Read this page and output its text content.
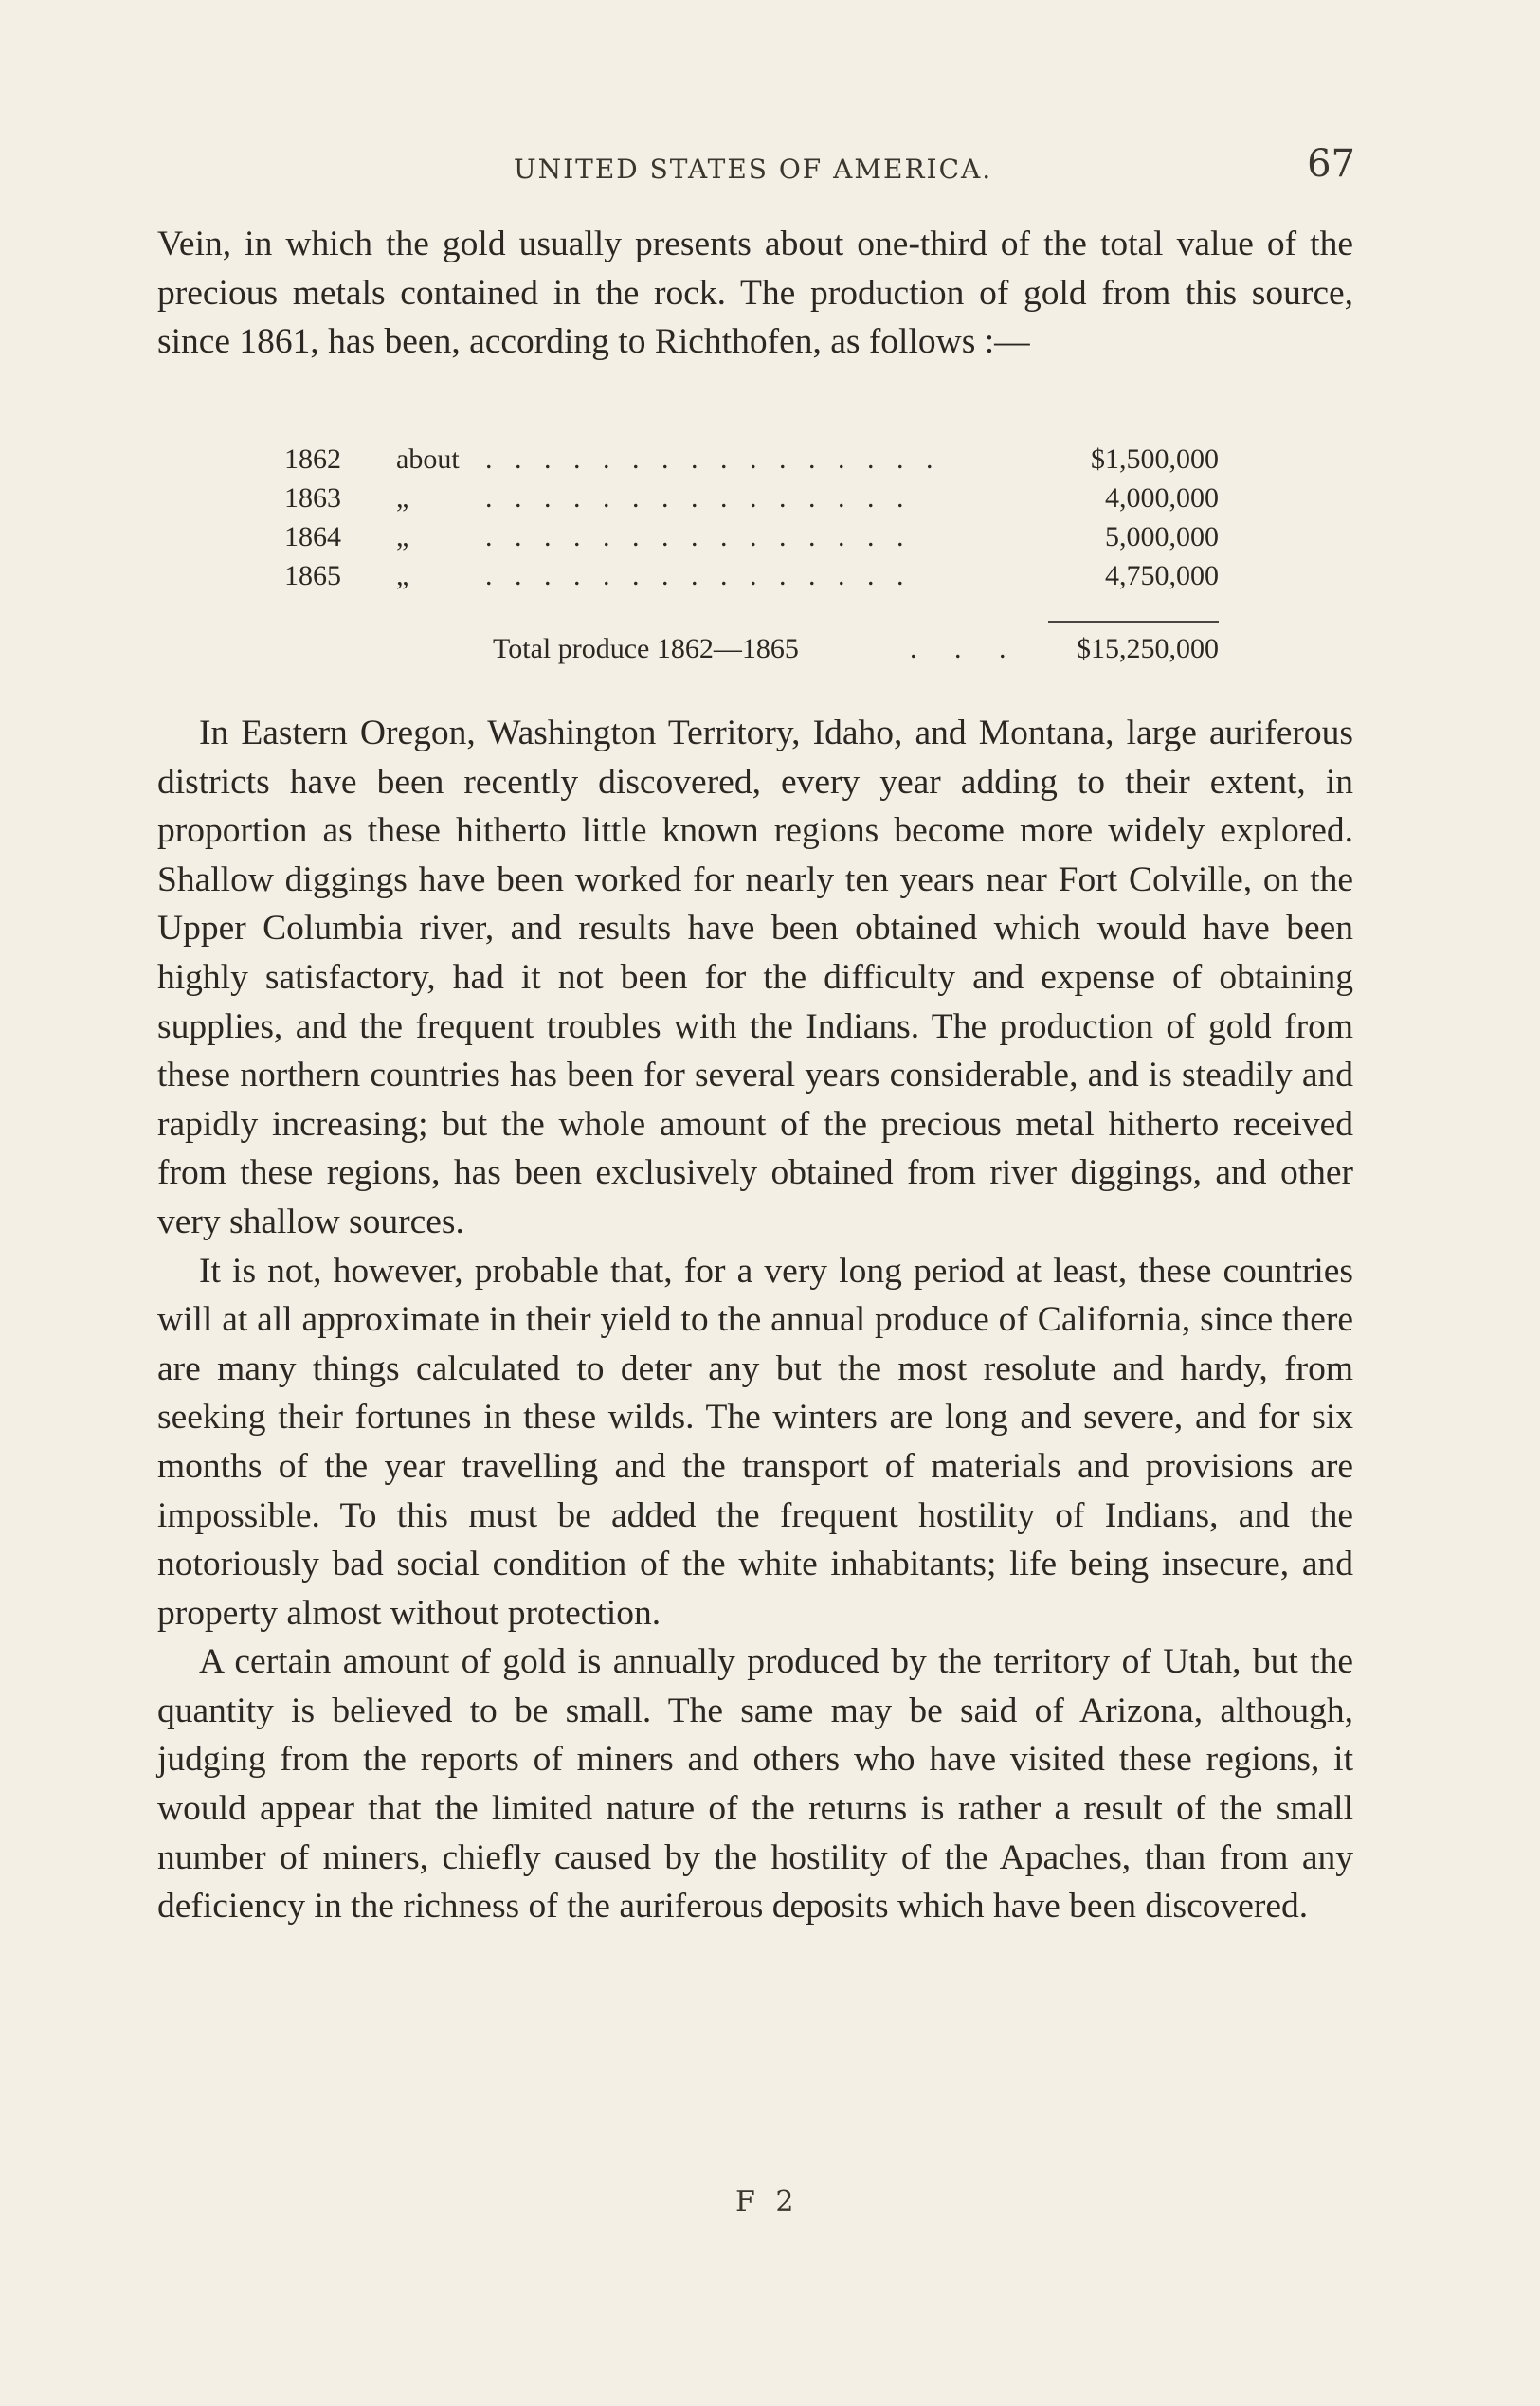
UNITED STATES OF AMERICA.	67

Vein, in which the gold usually presents about one-third of the total value of the precious metals contained in the rock. The production of gold from this source, since 1861, has been, according to Richthofen, as follows :—

1862 about . . . . . . . . . . . . . . . .	$1,500,000
1863 „	. . . . . . . . . . . . . . .	4,000,000
1864 „	. . . . . . . . . . . . . . .	5,000,000
1865 „	. . . . . . . . . . . . . . .	4,750,000
Total produce 1862—1865	. . . $15,250,000

In Eastern Oregon, Washington Territory, Idaho, and Montana, large auriferous districts have been recently discovered, every year adding to their extent, in proportion as these hitherto little known regions become more widely explored. Shallow diggings have been worked for nearly ten years near Fort Colville, on the Upper Columbia river, and results have been obtained which would have been highly satisfactory, had it not been for the difficulty and expense of obtaining supplies, and the frequent troubles with the Indians. The production of gold from these northern countries has been for several years considerable, and is steadily and rapidly increasing; but the whole amount of the precious metal hitherto received from these regions, has been exclusively obtained from river diggings, and other very shallow sources.

It is not, however, probable that, for a very long period at least, these countries will at all approximate in their yield to the annual produce of California, since there are many things calculated to deter any but the most resolute and hardy, from seeking their fortunes in these wilds. The winters are long and severe, and for six months of the year travelling and the transport of materials and provisions are impossible. To this must be added the frequent hostility of Indians, and the notoriously bad social condition of the white inhabitants; life being insecure, and property almost without protection.

A certain amount of gold is annually produced by the territory of Utah, but the quantity is believed to be small. The same may be said of Arizona, although, judging from the reports of miners and others who have visited these regions, it would appear that the limited nature of the returns is rather a result of the small number of miners, chiefly caused by the hostility of the Apaches, than from any deficiency in the richness of the auriferous deposits which have been discovered.

F 2
